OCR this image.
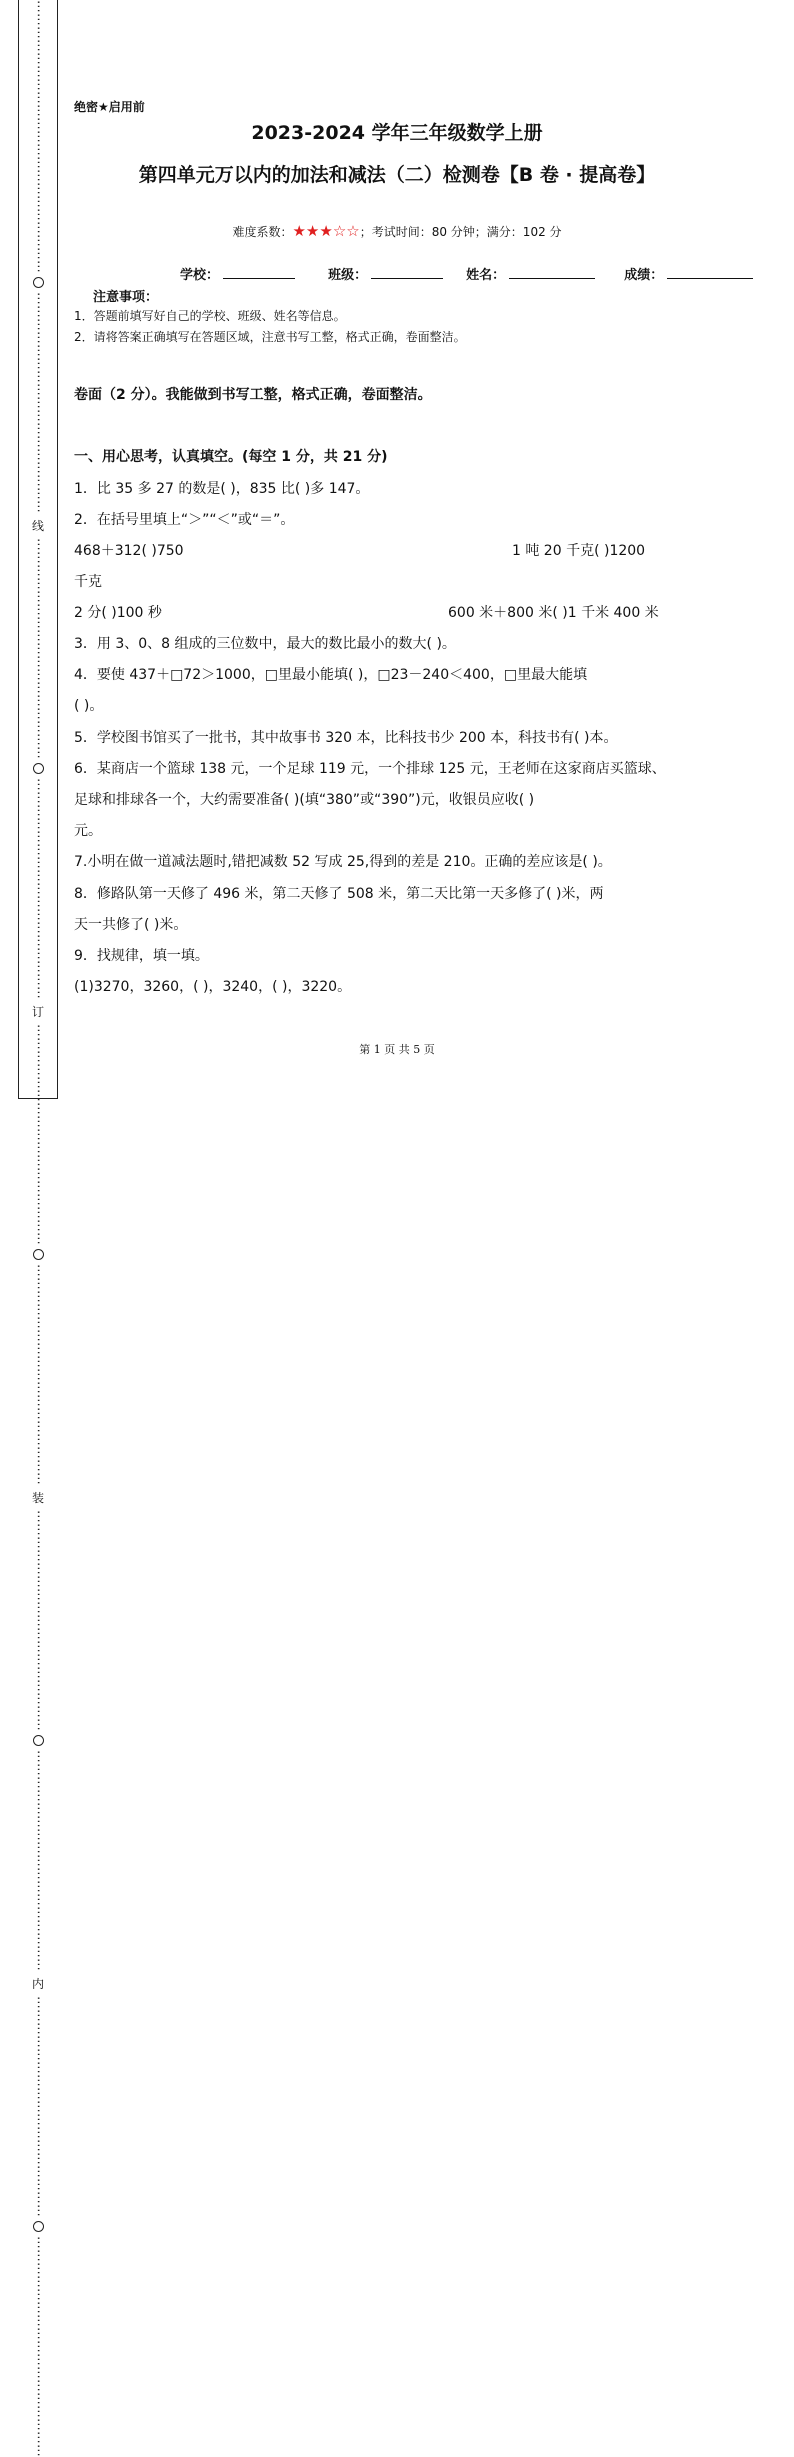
⋯⋯⋯⋯⋯⋯⋯⋯⋯⋯⋯⋯⋯⋯⋯⋯⋯⋯⋯⋯⋯
⋯⋯⋯⋯⋯⋯⋯⋯⋯⋯⋯⋯⋯⋯⋯⋯⋯
线
⋯⋯⋯⋯⋯⋯⋯⋯⋯⋯⋯⋯⋯⋯⋯⋯⋯
⋯⋯⋯⋯⋯⋯⋯⋯⋯⋯⋯⋯⋯⋯⋯⋯⋯
订
⋯⋯⋯⋯⋯⋯⋯⋯⋯⋯⋯⋯⋯⋯⋯⋯⋯
⋯⋯⋯⋯⋯⋯⋯⋯⋯⋯⋯⋯⋯⋯⋯⋯⋯
装
⋯⋯⋯⋯⋯⋯⋯⋯⋯⋯⋯⋯⋯⋯⋯⋯⋯
⋯⋯⋯⋯⋯⋯⋯⋯⋯⋯⋯⋯⋯⋯⋯⋯⋯
内
⋯⋯⋯⋯⋯⋯⋯⋯⋯⋯⋯⋯⋯⋯⋯⋯⋯
⋯⋯⋯⋯⋯⋯⋯⋯⋯⋯⋯⋯⋯⋯⋯⋯⋯
绝密★启用前
2023-2024 学年三年级数学上册
第四单元万以内的加法和减法（二）检测卷【B 卷 · 提高卷】
难度系数：★★★☆☆；考试时间：80 分钟；满分：102 分
学校：	班级：	姓名：	成绩：
注意事项：
1．答题前填写好自己的学校、班级、姓名等信息。
2．请将答案正确填写在答题区域，注意书写工整，格式正确，卷面整洁。
卷面（2 分）。我能做到书写工整，格式正确，卷面整洁。
一、用心思考，认真填空。(每空 1 分，共 21 分)
1．比 35 多 27 的数是( )，835 比( )多 147。
2．在括号里填上“＞”“＜”或“＝”。
468＋312( )750	1 吨 20 千克( )1200
千克
2 分( )100 秒	600 米＋800 米( )1 千米 400 米
3．用 3、0、8 组成的三位数中，最大的数比最小的数大( )。
4．要使 437＋□72＞1000，□里最小能填( )，□23－240＜400，□里最大能填
( )。
5．学校图书馆买了一批书，其中故事书 320 本，比科技书少 200 本，科技书有( )本。
6．某商店一个篮球 138 元，一个足球 119 元，一个排球 125 元，王老师在这家商店买篮球、
足球和排球各一个，大约需要准备( )(填“380”或“390”)元，收银员应收( )
元。
7.小明在做一道减法题时,错把减数 52 写成 25,得到的差是 210。正确的差应该是( )。
8．修路队第一天修了 496 米，第二天修了 508 米，第二天比第一天多修了( )米，两
天一共修了( )米。
9．找规律，填一填。
(1)3270，3260，( )，3240，( )，3220。
第 1 页 共 5 页
